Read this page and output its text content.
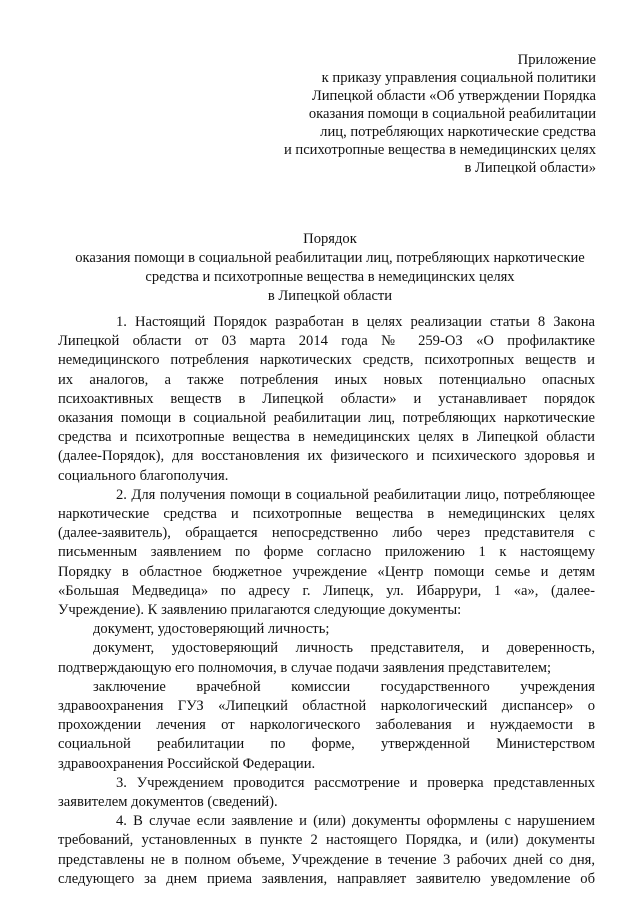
Приложение
к приказу управления социальной политики
Липецкой области «Об утверждении Порядка
оказания помощи в социальной реабилитации
лиц, потребляющих наркотические средства
и психотропные вещества в немедицинских целях
в Липецкой области»
Порядок
оказания помощи в социальной реабилитации лиц, потребляющих наркотические
средства и психотропные вещества в немедицинских целях
в Липецкой области
1. Настоящий Порядок разработан в целях реализации статьи 8 Закона
Липецкой области от 03 марта 2014 года № 259-ОЗ «О профилактике
немедицинского потребления наркотических средств, психотропных веществ и
их аналогов, а также потребления иных новых потенциально опасных
психоактивных веществ в Липецкой области» и устанавливает порядок
оказания помощи в социальной реабилитации лиц, потребляющих наркотические
средства и психотропные вещества в немедицинских целях в Липецкой области
(далее-Порядок), для восстановления их физического и психического здоровья и
социального благополучия.
2. Для получения помощи в социальной реабилитации лицо, потребляющее
наркотические средства и психотропные вещества в немедицинских целях
(далее-заявитель), обращается непосредственно либо через представителя с
письменным заявлением по форме согласно приложению 1 к настоящему
Порядку в областное бюджетное учреждение «Центр помощи семье и детям
«Большая Медведица» по адресу г. Липецк, ул. Ибаррури, 1 «а», (далее-
Учреждение). К заявлению прилагаются следующие документы:
документ, удостоверяющий личность;
документ, удостоверяющий личность представителя, и доверенность,
подтверждающую его полномочия, в случае подачи заявления представителем;
заключение врачебной комиссии государственного учреждения
здравоохранения ГУЗ «Липецкий областной наркологический диспансер» о
прохождении лечения от наркологического заболевания и нуждаемости в
социальной реабилитации по форме, утвержденной Министерством
здравоохранения Российской Федерации.
3. Учреждением проводится рассмотрение и проверка представленных
заявителем документов (сведений).
4. В случае если заявление и (или) документы оформлены с нарушением
требований, установленных в пункте 2 настоящего Порядка, и (или) документы
представлены не в полном объеме, Учреждение в течение 3 рабочих дней со дня,
следующего за днем приема заявления, направляет заявителю уведомление об
